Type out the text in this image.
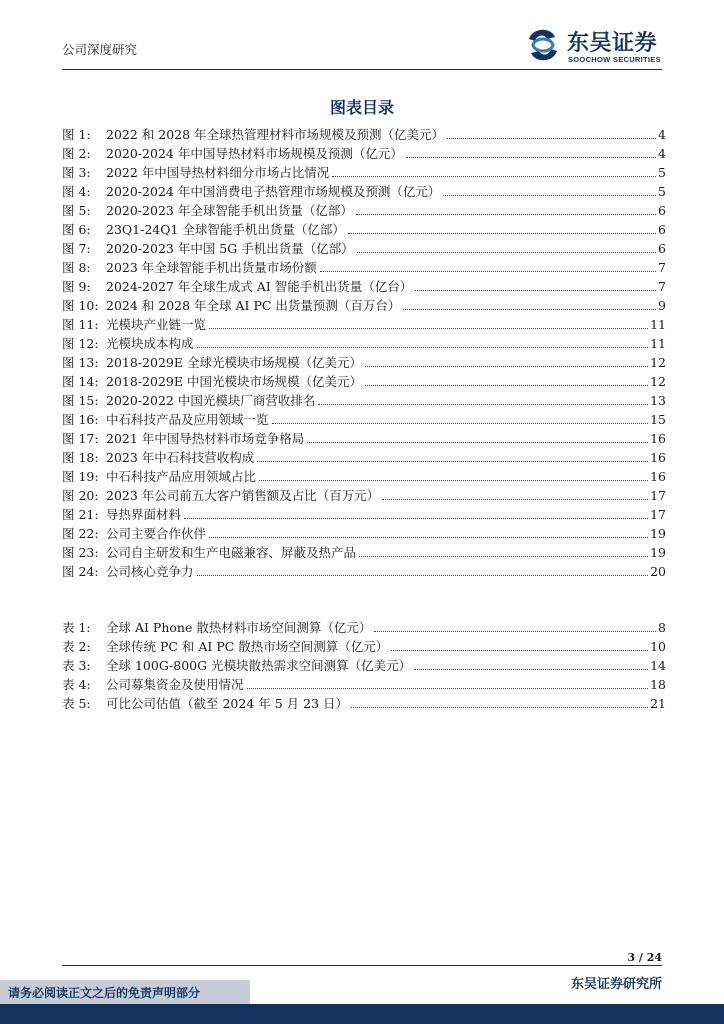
公司深度研究	东吴证券
SOOCHOW SECURITIES
图表目录
图 1:	2022 和 2028 年全球热管理材料市场规模及预测（亿美元）	4
图 2:	2020-2024 年中国导热材料市场规模及预测（亿元）	4
图 3:	2022 年中国导热材料细分市场占比情况	5
图 4:	2020-2024 年中国消费电子热管理市场规模及预测（亿元）	5
图 5:	2020-2023 年全球智能手机出货量（亿部）	6
图 6:	23Q1-24Q1 全球智能手机出货量（亿部）	6
图 7:	2020-2023 年中国 5G 手机出货量（亿部）	6
图 8:	2023 年全球智能手机出货量市场份额	7
图 9:	2024-2027 年全球生成式 AI 智能手机出货量（亿台）	7
图 10: 2024 和 2028 年全球 AI PC 出货量预测（百万台）	9
图 11: 光模块产业链一览	11
图 12: 光模块成本构成	11
图 13: 2018-2029E 全球光模块市场规模（亿美元）	12
图 14: 2018-2029E 中国光模块市场规模（亿美元）	12
图 15: 2020-2022 中国光模块厂商营收排名	13
图 16: 中石科技产品及应用领域一览	15
图 17: 2021 年中国导热材料市场竞争格局	16
图 18: 2023 年中石科技营收构成	16
图 19: 中石科技产品应用领域占比	16
图 20: 2023 年公司前五大客户销售额及占比（百万元）	17
图 21: 导热界面材料	17
图 22: 公司主要合作伙伴	19
图 23: 公司自主研发和生产电磁兼容、屏蔽及热产品	19
图 24: 公司核心竞争力	20
表 1:	全球 AI Phone 散热材料市场空间测算（亿元）	8
表 2:	全球传统 PC 和 AI PC 散热市场空间测算（亿元）	10
表 3:	全球 100G-800G 光模块散热需求空间测算（亿美元）	14
表 4:	公司募集资金及使用情况	18
表 5:	可比公司估值（截至 2024 年 5 月 23 日）	21
3 / 24
东吴证券研究所
请务必阅读正文之后的免责声明部分
